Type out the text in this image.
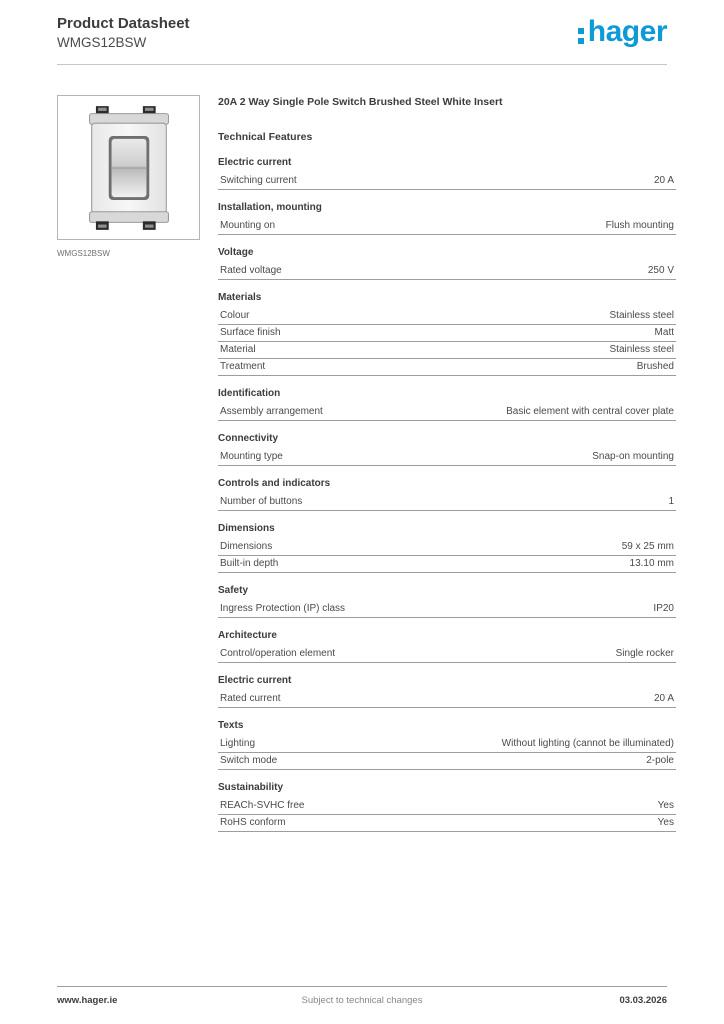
Product Datasheet
WMGS12BSW	hager
WMGS12BSW
20A 2 Way Single Pole Switch Brushed Steel White Insert
Technical Features
Electric current
Switching current	20 A
Installation, mounting
Mounting on	Flush mounting
Voltage
Rated voltage	250 V
Materials
Colour	Stainless steel
Surface finish	Matt
Material	Stainless steel
Treatment	Brushed
Identification
Assembly arrangement	Basic element with central cover plate
Connectivity
Mounting type	Snap-on mounting
Controls and indicators
Number of buttons	1
Dimensions
Dimensions	59 x 25 mm
Built-in depth	13.10 mm
Safety
Ingress Protection (IP) class	IP20
Architecture
Control/operation element	Single rocker
Electric current
Rated current	20 A
Texts
Lighting	Without lighting (cannot be illuminated)
Switch mode	2-pole
Sustainability
REACh-SVHC free	Yes
RoHS conform	Yes
www.hager.ie	Subject to technical changes	03.03.2026
